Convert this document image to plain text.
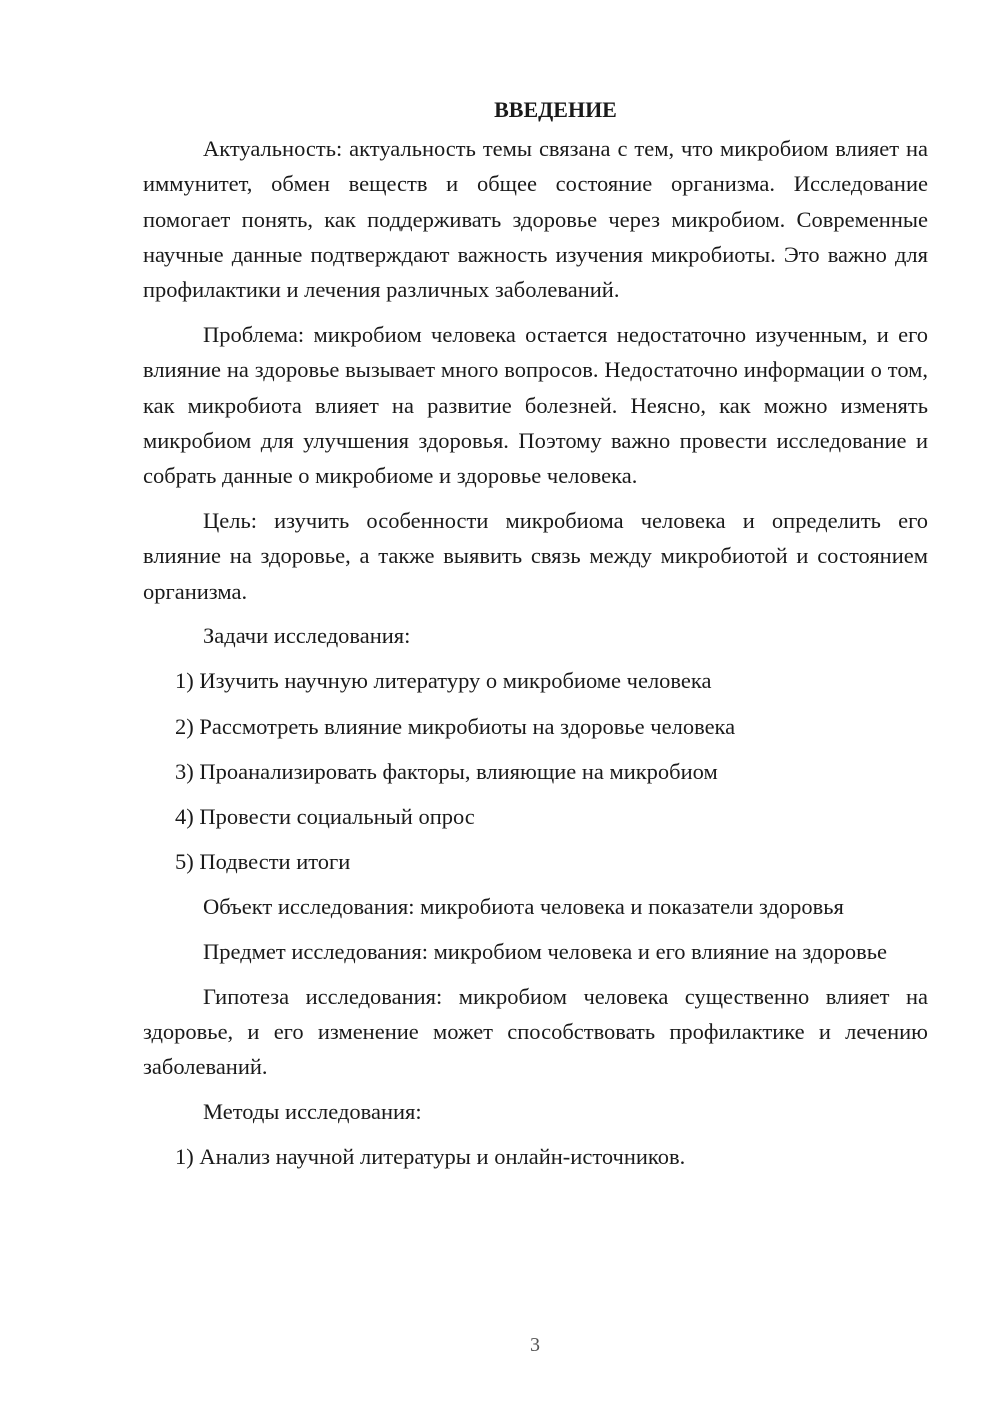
ВВЕДЕНИЕ

Актуальность: актуальность темы связана с тем, что микробиом влияет на иммунитет, обмен веществ и общее состояние организма. Исследование помогает понять, как поддерживать здоровье через микробиом. Современные научные данные подтверждают важность изучения микробиоты. Это важно для профилактики и лечения различных заболеваний.

Проблема: микробиом человека остается недостаточно изученным, и его влияние на здоровье вызывает много вопросов. Недостаточно информации о том, как микробиота влияет на развитие болезней. Неясно, как можно изменять микробиом для улучшения здоровья. Поэтому важно провести исследование и собрать данные о микробиоме и здоровье человека.

Цель: изучить особенности микробиома человека и определить его влияние на здоровье, а также выявить связь между микробиотой и состоянием организма.

Задачи исследования:

1) Изучить научную литературу о микробиоме человека
2) Рассмотреть влияние микробиоты на здоровье человека
3) Проанализировать факторы, влияющие на микробиом
4) Провести социальный опрос
5) Подвести итоги

Объект исследования: микробиота человека и показатели здоровья

Предмет исследования: микробиом человека и его влияние на здоровье

Гипотеза исследования: микробиом человека существенно влияет на здоровье, и его изменение может способствовать профилактике и лечению заболеваний.

Методы исследования:

1) Анализ научной литературы и онлайн-источников.
3
